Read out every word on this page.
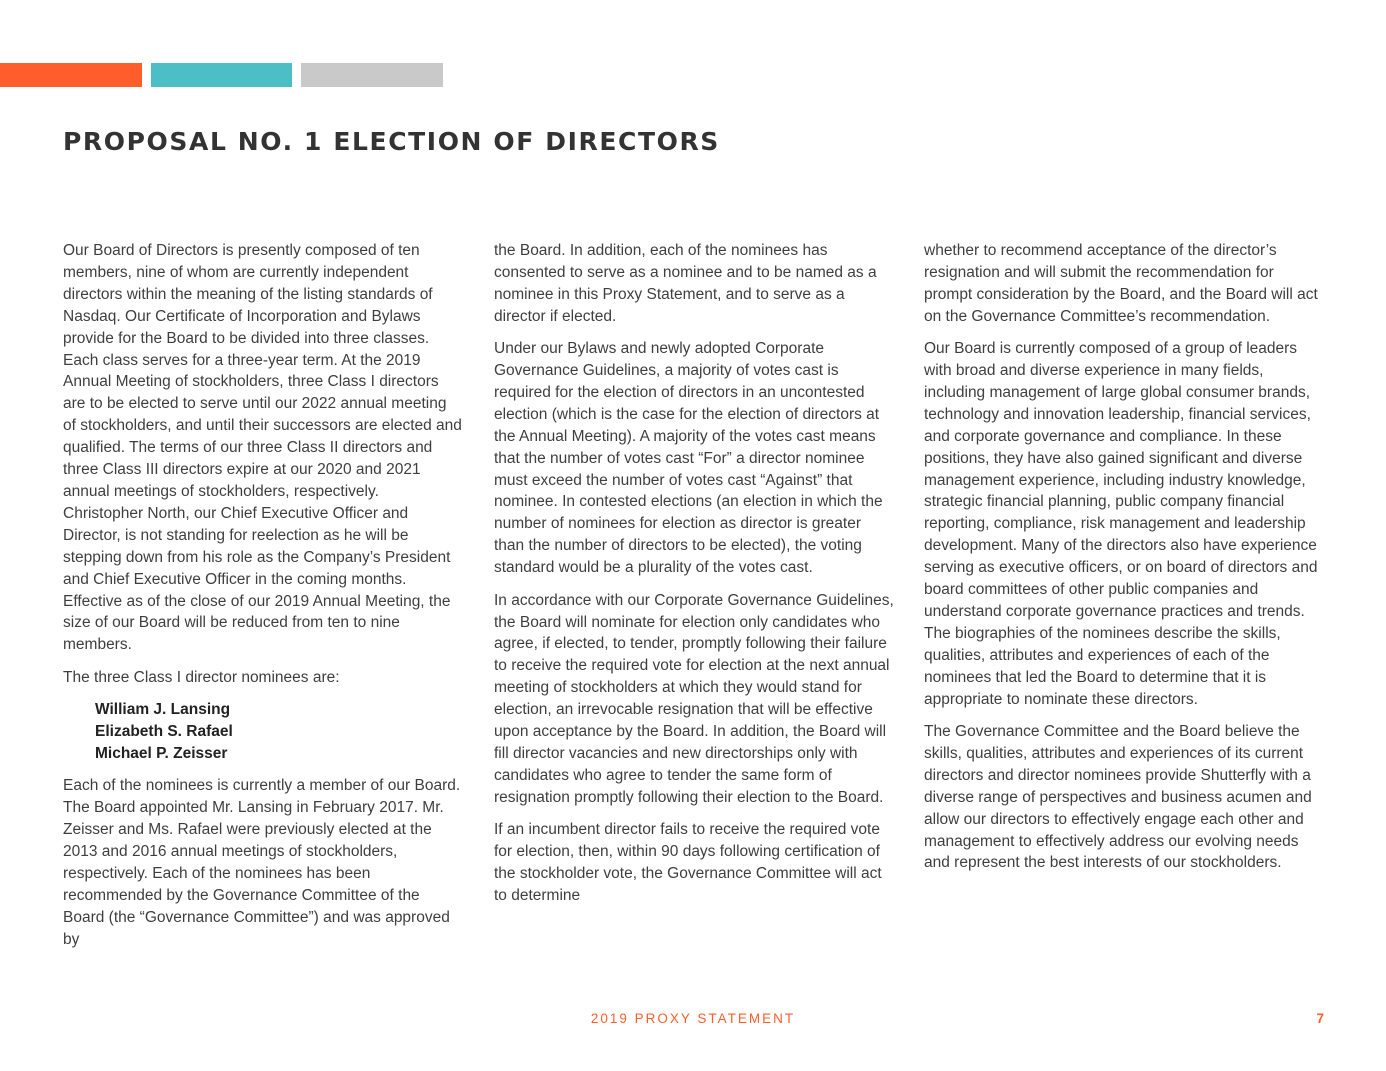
PROPOSAL NO. 1 ELECTION OF DIRECTORS

Our Board of Directors is presently composed of ten members, nine of whom are currently independent directors within the meaning of the listing standards of Nasdaq. Our Certificate of Incorporation and Bylaws provide for the Board to be divided into three classes. Each class serves for a three-year term. At the 2019 Annual Meeting of stockholders, three Class I directors are to be elected to serve until our 2022 annual meeting of stockholders, and until their successors are elected and qualified. The terms of our three Class II directors and three Class III directors expire at our 2020 and 2021 annual meetings of stockholders, respectively. Christopher North, our Chief Executive Officer and Director, is not standing for reelection as he will be stepping down from his role as the Company’s President and Chief Executive Officer in the coming months. Effective as of the close of our 2019 Annual Meeting, the size of our Board will be reduced from ten to nine members.

The three Class I director nominees are:

William J. Lansing
Elizabeth S. Rafael
Michael P. Zeisser

Each of the nominees is currently a member of our Board. The Board appointed Mr. Lansing in February 2017. Mr. Zeisser and Ms. Rafael were previously elected at the 2013 and 2016 annual meetings of stockholders, respectively. Each of the nominees has been recommended by the Governance Committee of the Board (the “Governance Committee”) and was approved by

the Board. In addition, each of the nominees has consented to serve as a nominee and to be named as a nominee in this Proxy Statement, and to serve as a director if elected.

Under our Bylaws and newly adopted Corporate Governance Guidelines, a majority of votes cast is required for the election of directors in an uncontested election (which is the case for the election of directors at the Annual Meeting). A majority of the votes cast means that the number of votes cast “For” a director nominee must exceed the number of votes cast “Against” that nominee. In contested elections (an election in which the number of nominees for election as director is greater than the number of directors to be elected), the voting standard would be a plurality of the votes cast.

In accordance with our Corporate Governance Guidelines, the Board will nominate for election only candidates who agree, if elected, to tender, promptly following their failure to receive the required vote for election at the next annual meeting of stockholders at which they would stand for election, an irrevocable resignation that will be effective upon acceptance by the Board. In addition, the Board will fill director vacancies and new directorships only with candidates who agree to tender the same form of resignation promptly following their election to the Board.

If an incumbent director fails to receive the required vote for election, then, within 90 days following certification of the stockholder vote, the Governance Committee will act to determine

whether to recommend acceptance of the director’s resignation and will submit the recommendation for prompt consideration by the Board, and the Board will act on the Governance Committee’s recommendation.

Our Board is currently composed of a group of leaders with broad and diverse experience in many fields, including management of large global consumer brands, technology and innovation leadership, financial services, and corporate governance and compliance. In these positions, they have also gained significant and diverse management experience, including industry knowledge, strategic financial planning, public company financial reporting, compliance, risk management and leadership development. Many of the directors also have experience serving as executive officers, or on board of directors and board committees of other public companies and understand corporate governance practices and trends. The biographies of the nominees describe the skills, qualities, attributes and experiences of each of the nominees that led the Board to determine that it is appropriate to nominate these directors.

The Governance Committee and the Board believe the skills, qualities, attributes and experiences of its current directors and director nominees provide Shutterfly with a diverse range of perspectives and business acumen and allow our directors to effectively engage each other and management to effectively address our evolving needs and represent the best interests of our stockholders.

2019 PROXY STATEMENT	7
